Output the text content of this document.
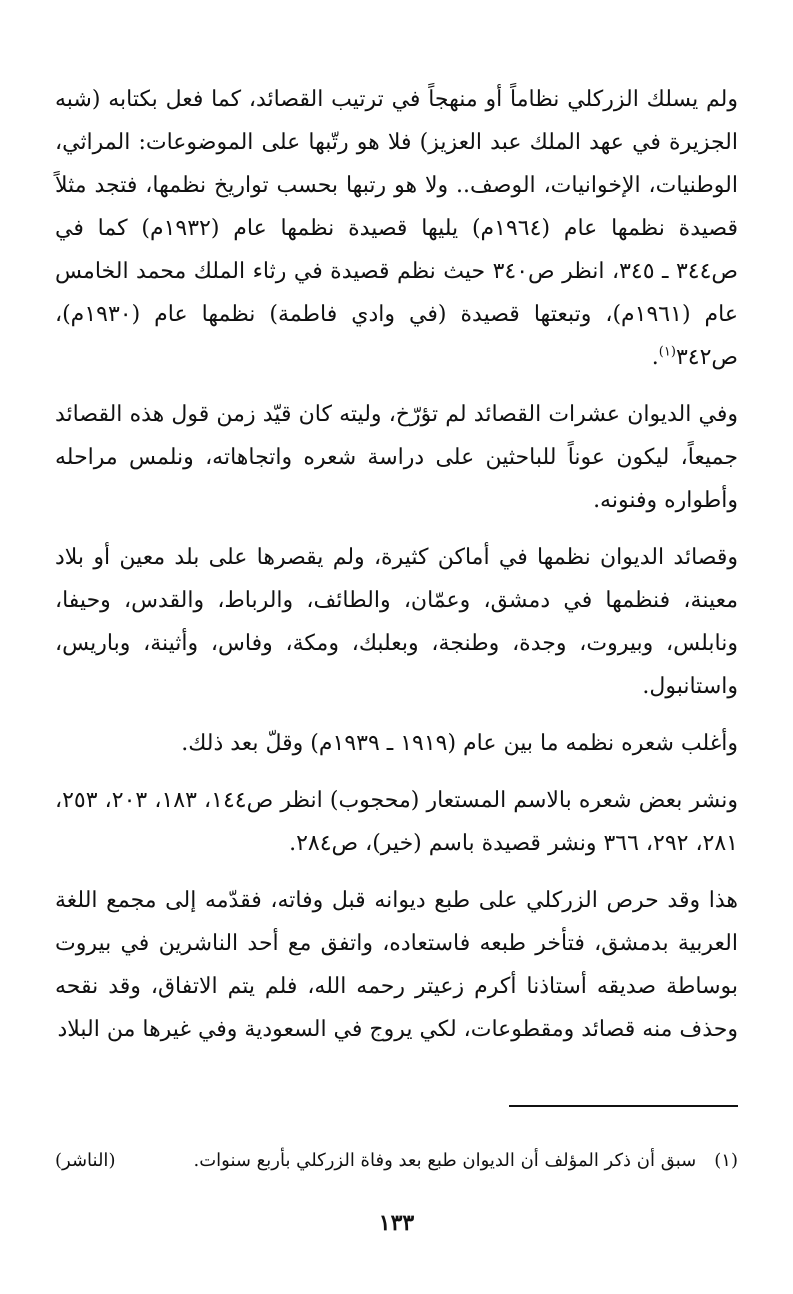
ولم يسلك الزركلي نظاماً أو منهجاً في ترتيب القصائد، كما فعل بكتابه (شبه الجزيرة في عهد الملك عبد العزيز) فلا هو رتّبها على الموضوعات: المراثي، الوطنيات، الإخوانيات، الوصف.. ولا هو رتبها بحسب تواريخ نظمها، فتجد مثلاً قصيدة نظمها عام (١٩٦٤م) يليها قصيدة نظمها عام (١٩٣٢م) كما في ص٣٤٤ ـ ٣٤٥، انظر ص٣٤٠ حيث نظم قصيدة في رثاء الملك محمد الخامس عام (١٩٦١م)، وتبعتها قصيدة (في وادي فاطمة) نظمها عام (١٩٣٠م)، ص٣٤٢$^{(١)}$.

وفي الديوان عشرات القصائد لم تؤرّخ، وليته كان قيّد زمن قول هذه القصائد جميعاً، ليكون عوناً للباحثين على دراسة شعره واتجاهاته، ونلمس مراحله وأطواره وفنونه.

وقصائد الديوان نظمها في أماكن كثيرة، ولم يقصرها على بلد معين أو بلاد معينة، فنظمها في دمشق، وعمّان، والطائف، والرباط، والقدس، وحيفا، ونابلس، وبيروت، وجدة، وطنجة، وبعلبك، ومكة، وفاس، وأثينة، وباريس، واستانبول.

وأغلب شعره نظمه ما بين عام (١٩١٩ ـ ١٩٣٩م) وقلّ بعد ذلك.

ونشر بعض شعره بالاسم المستعار (محجوب) انظر ص١٤٤، ١٨٣، ٢٠٣، ٢٥٣، ٢٨١، ٢٩٢، ٣٦٦ ونشر قصيدة باسم (خير)، ص٢٨٤.

هذا وقد حرص الزركلي على طبع ديوانه قبل وفاته، فقدّمه إلى مجمع اللغة العربية بدمشق، فتأخر طبعه فاستعاده، واتفق مع أحد الناشرين في بيروت بوساطة صديقه أستاذنا أكرم زعيتر رحمه الله، فلم يتم الاتفاق، وقد نقحه وحذف منه قصائد ومقطوعات، لكي يروج في السعودية وفي غيرها من البلاد

(١)
سبق أن ذكر المؤلف أن الديوان طبع بعد وفاة الزركلي بأربع سنوات.
(الناشر)
١٣٣
